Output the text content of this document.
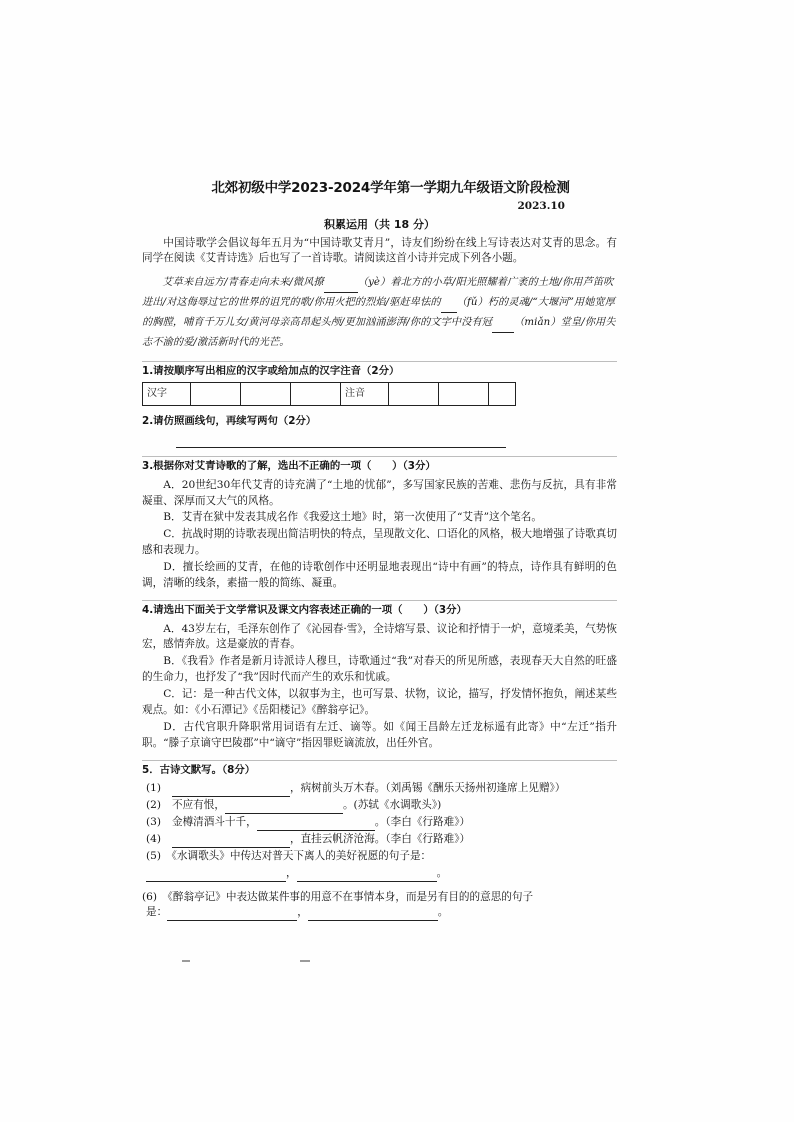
北郊初级中学2023-2024学年第一学期九年级语文阶段检测
2023.10
积累运用（共 18 分）

中国诗歌学会倡议每年五月为“中国诗歌艾青月”，诗友们纷纷在线上写诗表达对艾青的思念。有同学在阅读《艾青诗选》后也写了一首诗歌。请阅读这首小诗并完成下列各小题。

艾草来自远方/青春走向未来/微风撩	（yè）着北方的小草/阳光照耀着广袤的土地/你用芦笛吹进出/对这侮辱过它的世界的诅咒的歌/你用火把的烈焰/驱赶卑怯的 （fǔ）朽的灵魂/“大堰河”用她宽厚的胸膛，哺育千万儿女/黄河母亲高昂起头颅/更加汹涌澎湃/你的文字中没有冠 （miǎn）堂皇/你用失志不渝的爱/激活新时代的光芒。

1.请按顺序写出相应的汉字或给加点的汉字注音（2分）
汉字	注音
2.请仿照画线句，再续写两句（2分）
3.根据你对艾青诗歌的了解，选出不正确的一项（　　）（3分）

A．20世纪30年代艾青的诗充满了“土地的忧郁”，多写国家民族的苦难、悲伤与反抗，具有非常凝重、深厚而又大气的风格。

B．艾青在狱中发表其成名作《我爱这土地》时，第一次使用了“艾青”这个笔名。

C．抗战时期的诗歌表现出简洁明快的特点，呈现散文化、口语化的风格，极大地增强了诗歌真切感和表现力。

D．擅长绘画的艾青，在他的诗歌创作中还明显地表现出“诗中有画”的特点，诗作具有鲜明的色调，清晰的线条，素描一般的简练、凝重。

4.请选出下面关于文学常识及课文内容表述正确的一项（　　）（3分）

A．43岁左右，毛泽东创作了《沁园春·雪》，全诗熔写景、议论和抒情于一炉，意境柔美，气势恢宏，感情奔放。这是豪放的青春。

B．《我看》作者是新月诗派诗人穆旦，诗歌通过“我”对春天的所见所感，表现春天大自然的旺盛的生命力，也抒发了“我”因时代而产生的欢乐和忧戚。

C．记：是一种古代文体，以叙事为主，也可写景、状物，议论，描写，抒发情怀抱负，阐述某些观点。如：《小石潭记》《岳阳楼记》《醉翁亭记》。

D．古代官职升降职常用词语有左迁、谪等。如《闻王昌龄左迁龙标遥有此寄》中“左迁”指升职。“滕子京谪守巴陵郡”中“谪守”指因罪贬谪流放，出任外官。

5．古诗文默写。（8分）
(1)	，病树前头万木春。（刘禹锡《酬乐天扬州初逢席上见赠》）
(2) 不应有恨，	。(苏轼《水调歌头》)
(3) 金樽清酒斗十千，	。（李白《行路难》）
(4)	，直挂云帆济沧海。（李白《行路难》）
(5)　《水调歌头》中传达对普天下离人的美好祝愿的句子是：
，	。
(6)　《醉翁亭记》中表达做某件事的用意不在事情本身，而是另有目的的意思的句子
是：	，	。
